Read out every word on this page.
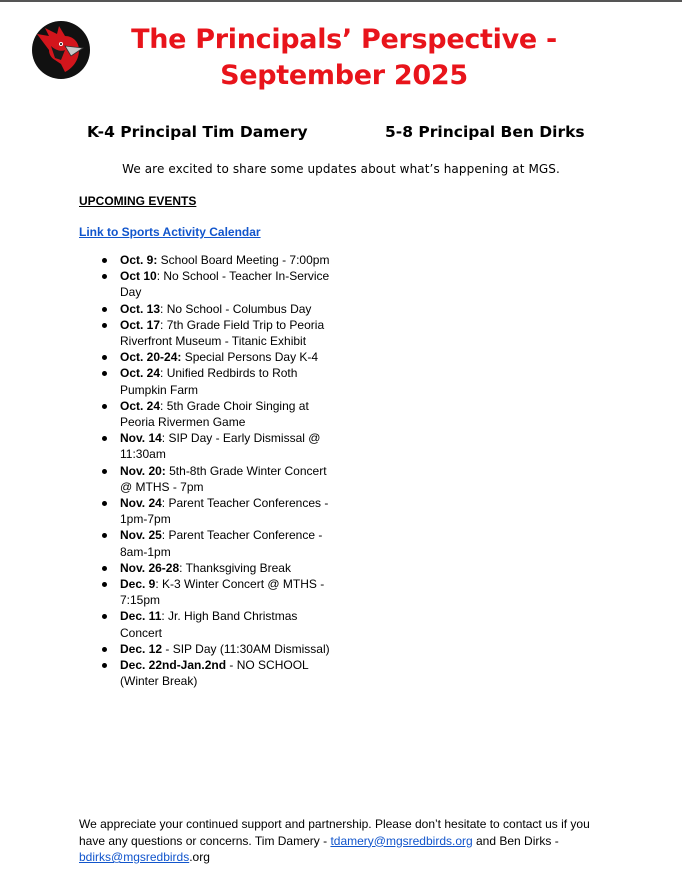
The Principals’ Perspective -
September 2025
K-4 Principal Tim Damery	5-8 Principal Ben Dirks
We are excited to share some updates about what’s happening at MGS.
UPCOMING EVENTS
Link to Sports Activity Calendar
Oct. 9: School Board Meeting - 7:00pm
Oct 10: No School - Teacher In-Service Day
Oct. 13: No School - Columbus Day
Oct. 17: 7th Grade Field Trip to Peoria Riverfront Museum - Titanic Exhibit
Oct. 20-24: Special Persons Day K-4
Oct. 24: Unified Redbirds to Roth Pumpkin Farm
Oct. 24: 5th Grade Choir Singing at Peoria Rivermen Game
Nov. 14: SIP Day - Early Dismissal @ 11:30am
Nov. 20: 5th-8th Grade Winter Concert @ MTHS - 7pm
Nov. 24: Parent Teacher Conferences - 1pm-7pm
Nov. 25: Parent Teacher Conference - 8am-1pm
Nov. 26-28: Thanksgiving Break
Dec. 9: K-3 Winter Concert @ MTHS - 7:15pm
Dec. 11: Jr. High Band Christmas Concert
Dec. 12 - SIP Day (11:30AM Dismissal)
Dec. 22nd-Jan.2nd - NO SCHOOL (Winter Break)
We appreciate your continued support and partnership. Please don’t hesitate to contact us if you have any questions or concerns. Tim Damery - tdamery@mgsredbirds.org and Ben Dirks - bdirks@mgsredbirds.org
